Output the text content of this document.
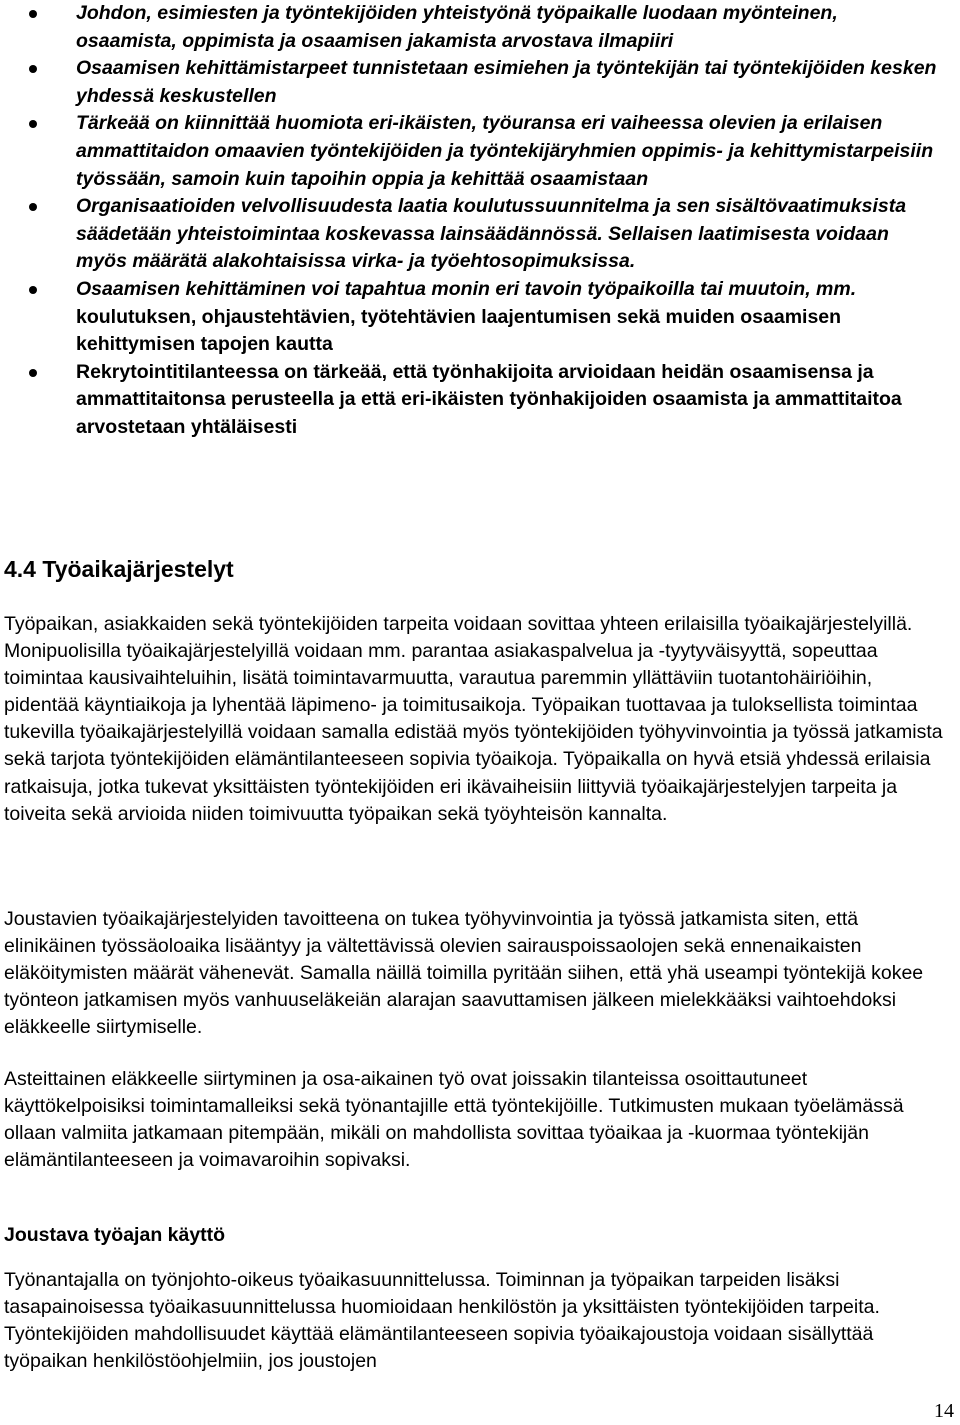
Johdon, esimiesten ja työntekijöiden yhteistyönä työpaikalle luodaan myönteinen, osaamista, oppimista ja osaamisen jakamista arvostava ilmapiiri
Osaamisen kehittämistarpeet tunnistetaan esimiehen ja työntekijän tai työntekijöiden kesken yhdessä keskustellen
Tärkeää on kiinnittää huomiota eri-ikäisten, työuransa eri vaiheessa olevien ja erilaisen ammattitaidon omaavien työntekijöiden ja työntekijäryhmien oppimis- ja kehittymistarpeisiin työssään, samoin kuin tapoihin oppia ja kehittää osaamistaan
Organisaatioiden velvollisuudesta laatia koulutussuunnitelma ja sen sisältövaatimuksista säädetään yhteistoimintaa koskevassa lainsäädännössä. Sellaisen laatimisesta voidaan myös määrätä alakohtaisissa virka- ja työehtosopimuksissa.
Osaamisen kehittäminen voi tapahtua monin eri tavoin työpaikoilla tai muutoin, mm. koulutuksen, ohjaustehtävien, työtehtävien laajentumisen sekä muiden osaamisen kehittymisen tapojen kautta
Rekrytointitilanteessa on tärkeää, että työnhakijoita arvioidaan heidän osaamisensa ja ammattitaitonsa perusteella ja että eri-ikäisten työnhakijoiden osaamista ja ammattitaitoa arvostetaan yhtäläisesti
4.4 Työaikajärjestelyt

Työpaikan, asiakkaiden sekä työntekijöiden tarpeita voidaan sovittaa yhteen erilaisilla työaikajärjestelyillä. Monipuolisilla työaikajärjestelyillä voidaan mm. parantaa asiakaspalvelua ja -tyytyväisyyttä, sopeuttaa toimintaa kausivaihteluihin, lisätä toimintavarmuutta, varautua paremmin yllättäviin tuotantohäiriöihin, pidentää käyntiaikoja ja lyhentää läpimeno- ja toimitusaikoja. Työpaikan tuottavaa ja tuloksellista toimintaa tukevilla työaikajärjestelyillä voidaan samalla edistää myös työntekijöiden työhyvinvointia ja työssä jatkamista sekä tarjota työntekijöiden elämäntilanteeseen sopivia työaikoja. Työpaikalla on hyvä etsiä yhdessä erilaisia ratkaisuja, jotka tukevat yksittäisten työntekijöiden eri ikävaiheisiin liittyviä työaikajärjestelyjen tarpeita ja toiveita sekä arvioida niiden toimivuutta työpaikan sekä työyhteisön kannalta.

Joustavien työaikajärjestelyiden tavoitteena on tukea työhyvinvointia ja työssä jatkamista siten, että elinikäinen työssäoloaika lisääntyy ja vältettävissä olevien sairauspoissaolojen sekä ennenaikaisten eläköitymisten määrät vähenevät. Samalla näillä toimilla pyritään siihen, että yhä useampi työntekijä kokee työnteon jatkamisen myös vanhuuseläkeiän alarajan saavuttamisen jälkeen mielekkääksi vaihtoehdoksi eläkkeelle siirtymiselle.

Asteittainen eläkkeelle siirtyminen ja osa-aikainen työ ovat joissakin tilanteissa osoittautuneet käyttökelpoisiksi toimintamalleiksi sekä työnantajille että työntekijöille. Tutkimusten mukaan työelämässä ollaan valmiita jatkamaan pitempään, mikäli on mahdollista sovittaa työaikaa ja -kuormaa työntekijän elämäntilanteeseen ja voimavaroihin sopivaksi.

Joustava työajan käyttö

Työnantajalla on työnjohto-oikeus työaikasuunnittelussa. Toiminnan ja työpaikan tarpeiden lisäksi tasapainoisessa työaikasuunnittelussa huomioidaan henkilöstön ja yksittäisten työntekijöiden tarpeita. Työntekijöiden mahdollisuudet käyttää elämäntilanteeseen sopivia työaikajoustoja voidaan sisällyttää työpaikan henkilöstöohjelmiin, jos joustojen

14
